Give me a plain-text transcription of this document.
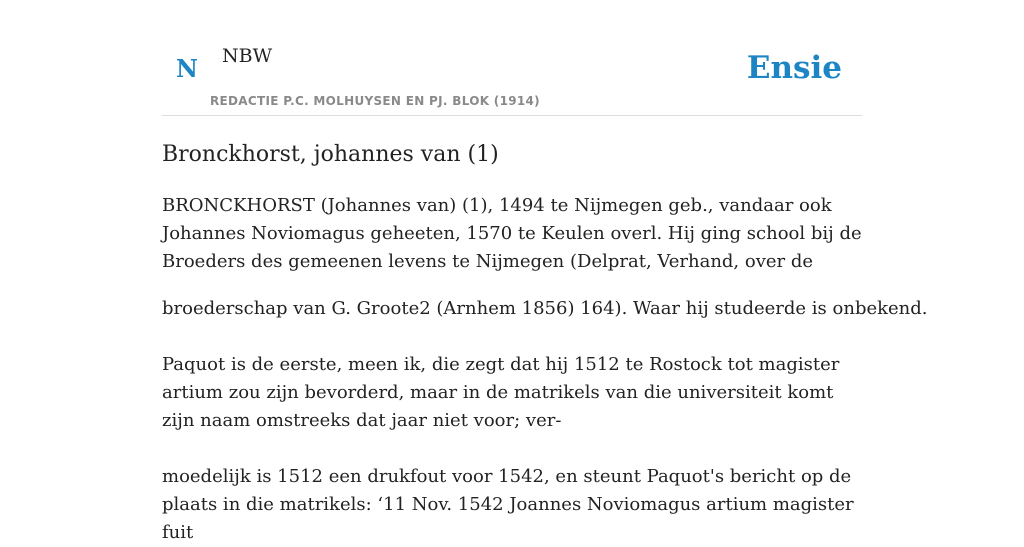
N NBW
REDACTIE P.C. MOLHUYSEN EN PJ. BLOK (1914)
Ensie
Bronckhorst, johannes van (1)

BRONCKHORST (Johannes van) (1), 1494 te Nijmegen geb., vandaar ook Johannes Noviomagus geheeten, 1570 te Keulen overl. Hij ging school bij de Broeders des gemeenen levens te Nijmegen (Delprat, Verhand, over de

broederschap van G. Groote2 (Arnhem 1856) 164). Waar hij studeerde is onbekend.

Paquot is de eerste, meen ik, die zegt dat hij 1512 te Rostock tot magister artium zou zijn bevorderd, maar in de matrikels van die universiteit komt zijn naam omstreeks dat jaar niet voor; ver-

moedelijk is 1512 een drukfout voor 1542, en steunt Paquot's bericht op de plaats in die matrikels: ‘11 Nov. 1542 Joannes Noviomagus artium magister fuit
